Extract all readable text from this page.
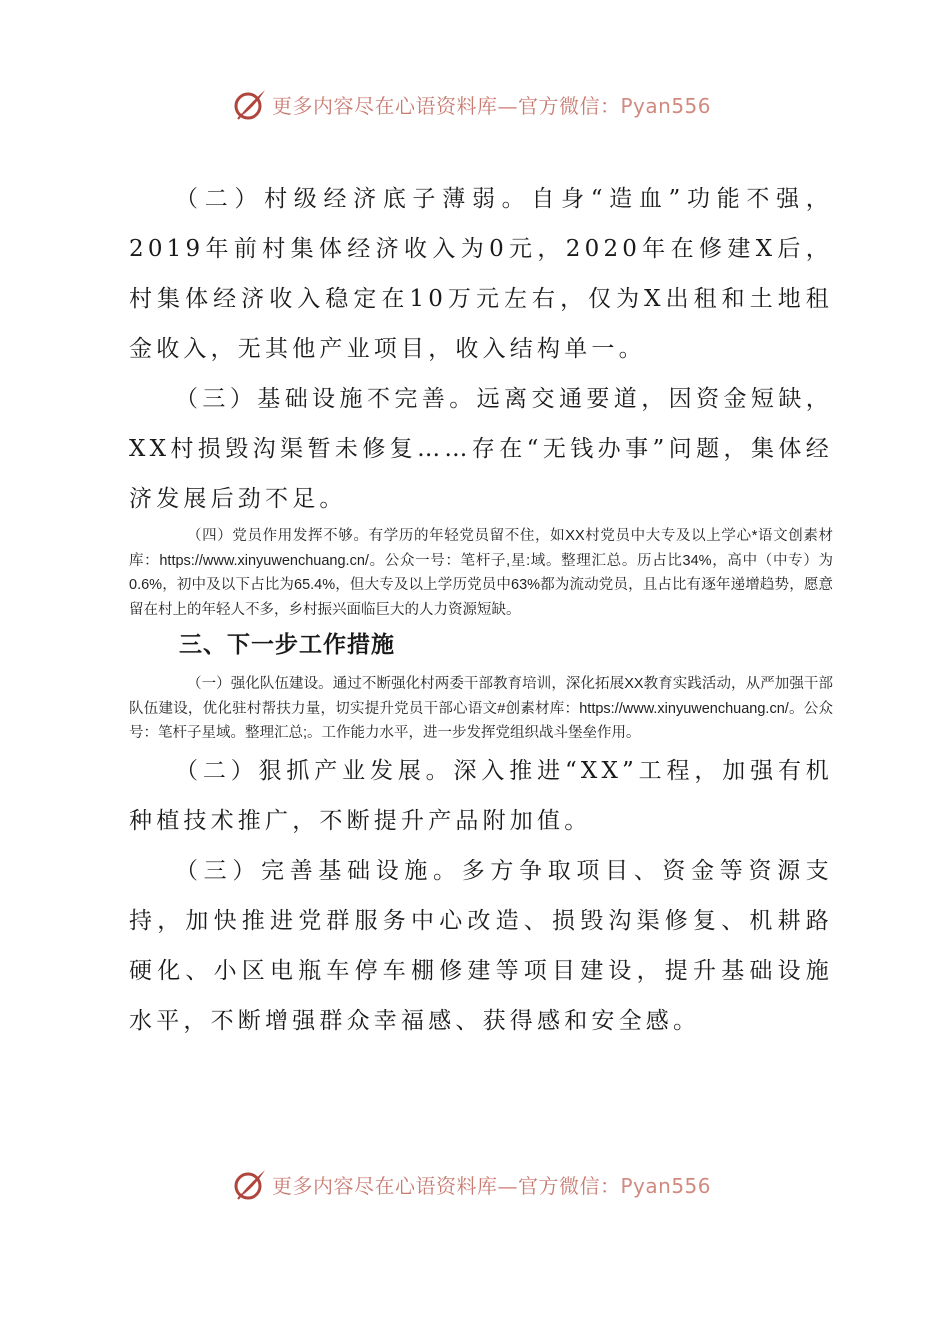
更多内容尽在心语资料库—官方微信：Pyan556

（二）村级经济底子薄弱。自身“造血”功能不强，2019年前村集体经济收入为0元，2020年在修建X后，村集体经济收入稳定在10万元左右，仅为X出租和土地租金收入，无其他产业项目，收入结构单一。

（三）基础设施不完善。远离交通要道，因资金短缺，XX村损毁沟渠暂未修复……存在“无钱办事”问题，集体经济发展后劲不足。

（四）党员作用发挥不够。有学历的年轻党员留不住，如XX村党员中大专及以上学心*语文创素材库：https://www.xinyuwenchuang.cn/。公众一号：笔杆子,星:域。整理汇总。历占比34%，高中（中专）为0.6%，初中及以下占比为65.4%，但大专及以上学历党员中63%都为流动党员，且占比有逐年递增趋势，愿意留在村上的年轻人不多，乡村振兴面临巨大的人力资源短缺。

三、下一步工作措施

（一）强化队伍建设。通过不断强化村两委干部教育培训，深化拓展XX教育实践活动，从严加强干部队伍建设，优化驻村帮扶力量，切实提升党员干部心语文#创素材库：https://www.xinyuwenchuang.cn/。公众号：笔杆子星域。整理汇总;。工作能力水平，进一步发挥党组织战斗堡垒作用。

（二）狠抓产业发展。深入推进“XX”工程，加强有机种植技术推广，不断提升产品附加值。

（三）完善基础设施。多方争取项目、资金等资源支持，加快推进党群服务中心改造、损毁沟渠修复、机耕路硬化、小区电瓶车停车棚修建等项目建设，提升基础设施水平，不断增强群众幸福感、获得感和安全感。

更多内容尽在心语资料库—官方微信：Pyan556
